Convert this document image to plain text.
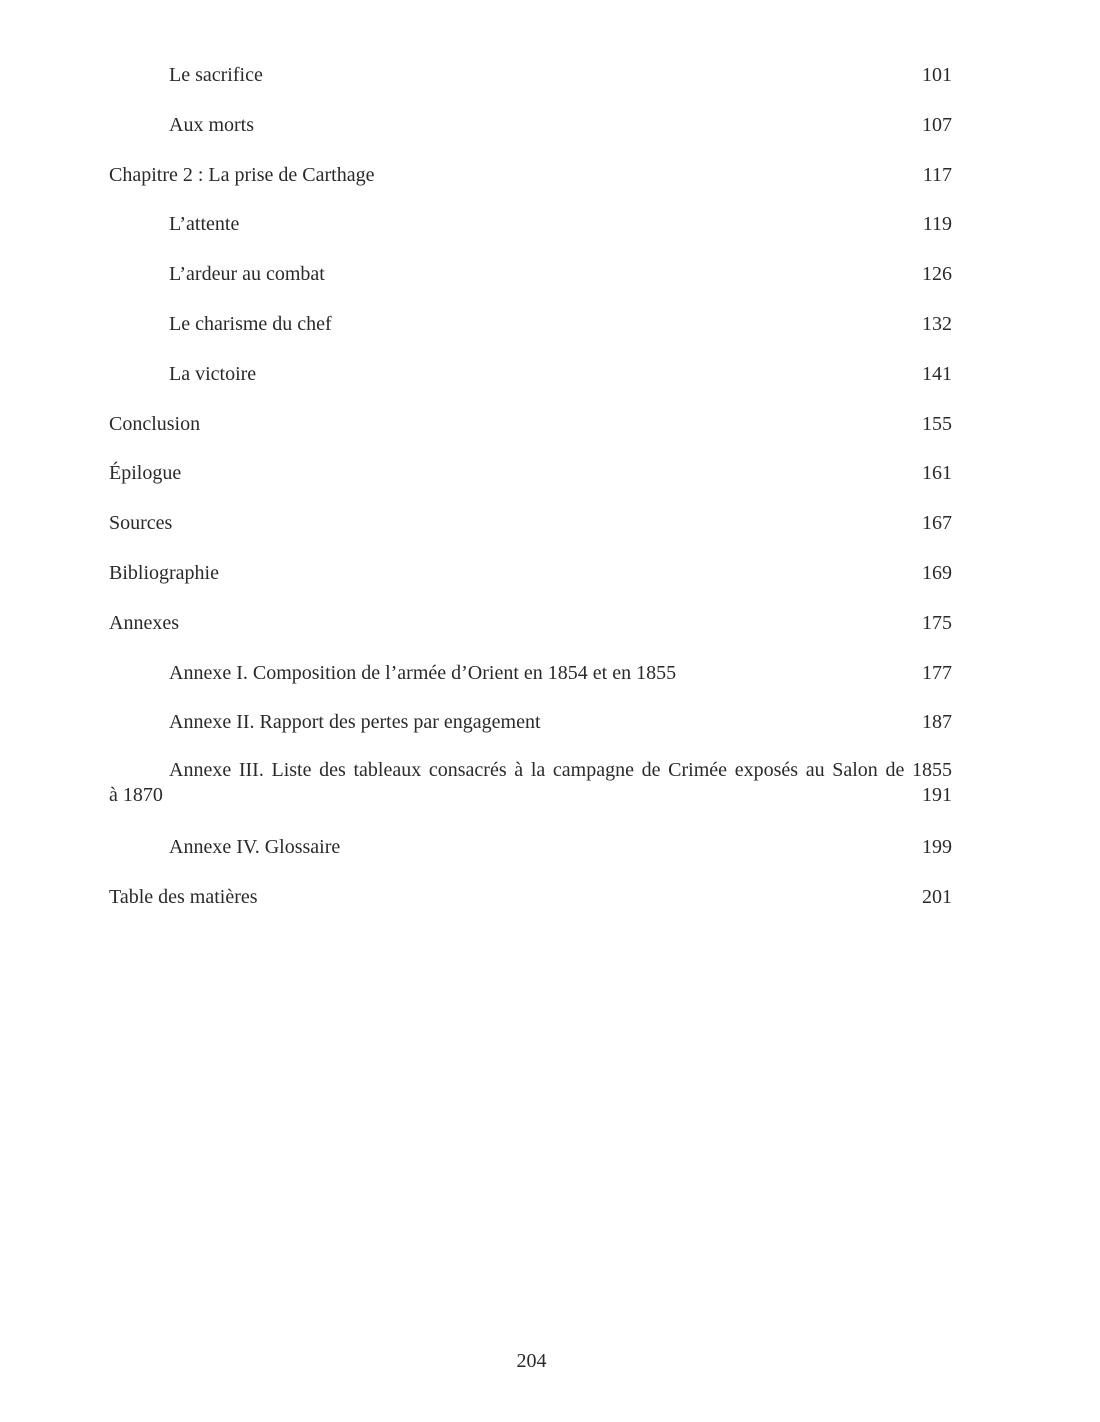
Le sacrifice	101
Aux morts	107
Chapitre 2 : La prise de Carthage	117
L’attente	119
L’ardeur au combat	126
Le charisme du chef	132
La victoire	141
Conclusion	155
Épilogue	161
Sources	167
Bibliographie	169
Annexes	175
Annexe I. Composition de l’armée d’Orient en 1854 et en 1855	177
Annexe II. Rapport des pertes par engagement	187
Annexe III. Liste des tableaux consacrés à la campagne de Crimée exposés au Salon de 1855
à 1870	191
Annexe IV. Glossaire	199
Table des matières	201
204
